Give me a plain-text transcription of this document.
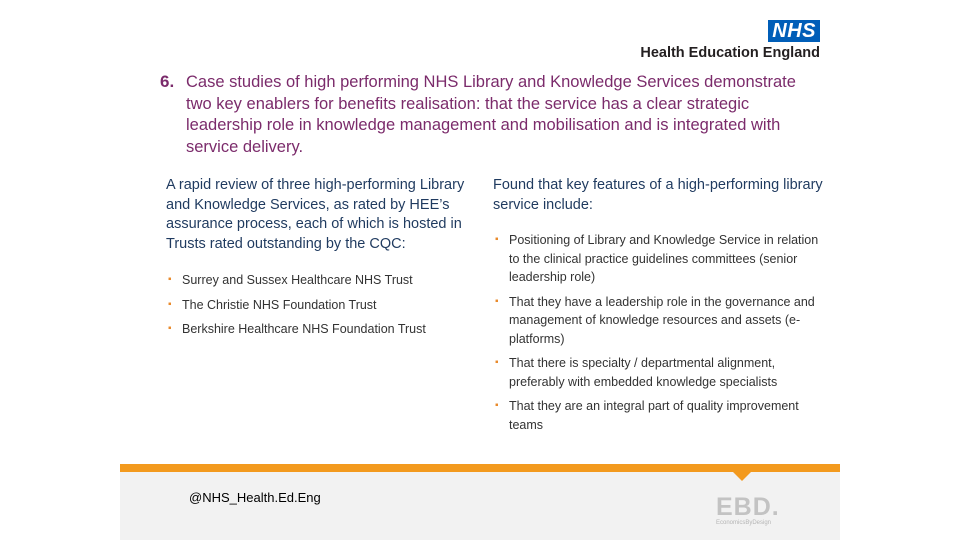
NHS
Health Education England
6. Case studies of high performing NHS Library and Knowledge Services demonstrate two key enablers for benefits realisation: that the service has a clear strategic leadership role in knowledge management and mobilisation and is integrated with service delivery.

A rapid review of three high-performing Library and Knowledge Services, as rated by HEE’s assurance process, each of which is hosted in Trusts rated outstanding by the CQC:

▪ Surrey and Sussex Healthcare NHS Trust
▪ The Christie NHS Foundation Trust
▪ Berkshire Healthcare NHS Foundation Trust

Found that key features of a high-performing library service include:

▪ Positioning of Library and Knowledge Service in relation to the clinical practice guidelines committees (senior leadership role)
▪ That they have a leadership role in the governance and management of knowledge resources and assets (e-platforms)
▪ That there is specialty / departmental alignment, preferably with embedded knowledge specialists
▪ That they are an integral part of quality improvement teams
@NHS_Health.Ed.Eng	EBD.
EconomicsByDesign
